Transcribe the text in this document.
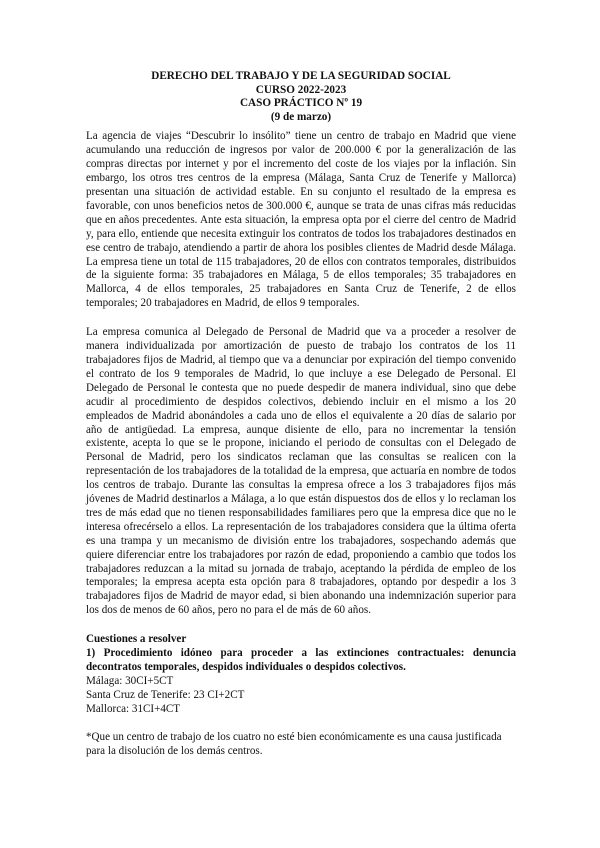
DERECHO DEL TRABAJO Y DE LA SEGURIDAD SOCIAL
CURSO 2022-2023
CASO PRÁCTICO Nº 19
(9 de marzo)

La agencia de viajes “Descubrir lo insólito” tiene un centro de trabajo en Madrid que viene acumulando una reducción de ingresos por valor de 200.000 € por la generalización de las compras directas por internet y por el incremento del coste de los viajes por la inflación. Sin embargo, los otros tres centros de la empresa (Málaga, Santa Cruz de Tenerife y Mallorca) presentan una situación de actividad estable. En su conjunto el resultado de la empresa es favorable, con unos beneficios netos de 300.000 €, aunque se trata de unas cifras más reducidas que en años precedentes. Ante esta situación, la empresa opta por el cierre del centro de Madrid y, para ello, entiende que necesita extinguir los contratos de todos los trabajadores destinados en ese centro de trabajo, atendiendo a partir de ahora los posibles clientes de Madrid desde Málaga. La empresa tiene un total de 115 trabajadores, 20 de ellos con contratos temporales, distribuidos de la siguiente forma: 35 trabajadores en Málaga, 5 de ellos temporales; 35 trabajadores en Mallorca, 4 de ellos temporales, 25 trabajadores en Santa Cruz de Tenerife, 2 de ellos temporales; 20 trabajadores en Madrid, de ellos 9 temporales.

La empresa comunica al Delegado de Personal de Madrid que va a proceder a resolver de manera individualizada por amortización de puesto de trabajo los contratos de los 11 trabajadores fijos de Madrid, al tiempo que va a denunciar por expiración del tiempo convenido el contrato de los 9 temporales de Madrid, lo que incluye a ese Delegado de Personal. El Delegado de Personal le contesta que no puede despedir de manera individual, sino que debe acudir al procedimiento de despidos colectivos, debiendo incluir en el mismo a los 20 empleados de Madrid abonándoles a cada uno de ellos el equivalente a 20 días de salario por año de antigüedad. La empresa, aunque disiente de ello, para no incrementar la tensión existente, acepta lo que se le propone, iniciando el periodo de consultas con el Delegado de Personal de Madrid, pero los sindicatos reclaman que las consultas se realicen con la representación de los trabajadores de la totalidad de la empresa, que actuaría en nombre de todos los centros de trabajo. Durante las consultas la empresa ofrece a los 3 trabajadores fijos más jóvenes de Madrid destinarlos a Málaga, a lo que están dispuestos dos de ellos y lo reclaman los tres de más edad que no tienen responsabilidades familiares pero que la empresa dice que no le interesa ofrecérselo a ellos. La representación de los trabajadores considera que la última oferta es una trampa y un mecanismo de división entre los trabajadores, sospechando además que quiere diferenciar entre los trabajadores por razón de edad, proponiendo a cambio que todos los trabajadores reduzcan a la mitad su jornada de trabajo, aceptando la pérdida de empleo de los temporales; la empresa acepta esta opción para 8 trabajadores, optando por despedir a los 3 trabajadores fijos de Madrid de mayor edad, si bien abonando una indemnización superior para los dos de menos de 60 años, pero no para el de más de 60 años.

Cuestiones a resolver
1) Procedimiento idóneo para proceder a las extinciones contractuales: denuncia decontratos temporales, despidos individuales o despidos colectivos.
Málaga: 30CI+5CT
Santa Cruz de Tenerife: 23 CI+2CT
Mallorca: 31CI+4CT
*Que un centro de trabajo de los cuatro no esté bien económicamente es una causa justificada para la disolución de los demás centros.
